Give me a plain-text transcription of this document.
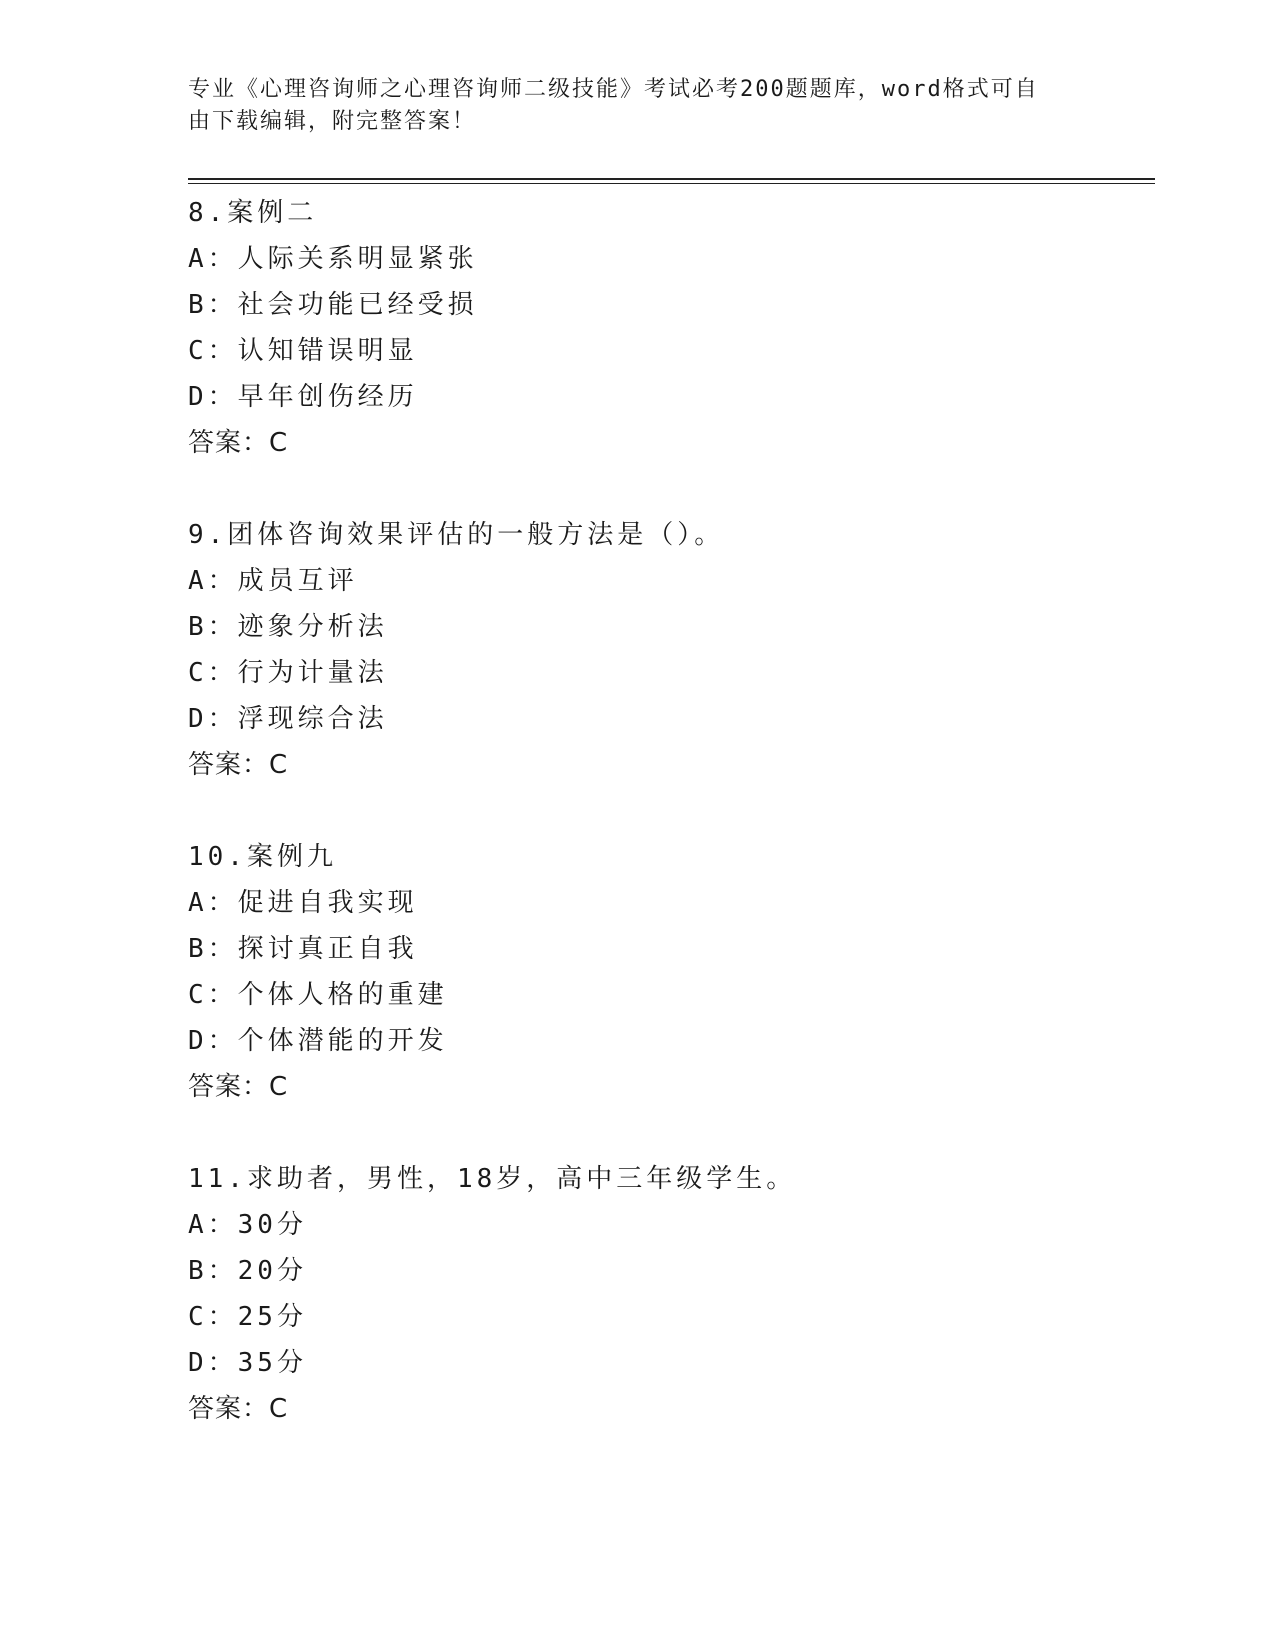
专业《心理咨询师之心理咨询师二级技能》考试必考200题题库，word格式可自
由下载编辑，附完整答案！
8.案例二
A：人际关系明显紧张
B：社会功能已经受损
C：认知错误明显
D：早年创伤经历
答案：C
9.团体咨询效果评估的一般方法是（）。
A：成员互评
B：迹象分析法
C：行为计量法
D：浮现综合法
答案：C
10.案例九
A：促进自我实现
B：探讨真正自我
C：个体人格的重建
D：个体潜能的开发
答案：C
11.求助者，男性，18岁，高中三年级学生。
A：30分
B：20分
C：25分
D：35分
答案：C
